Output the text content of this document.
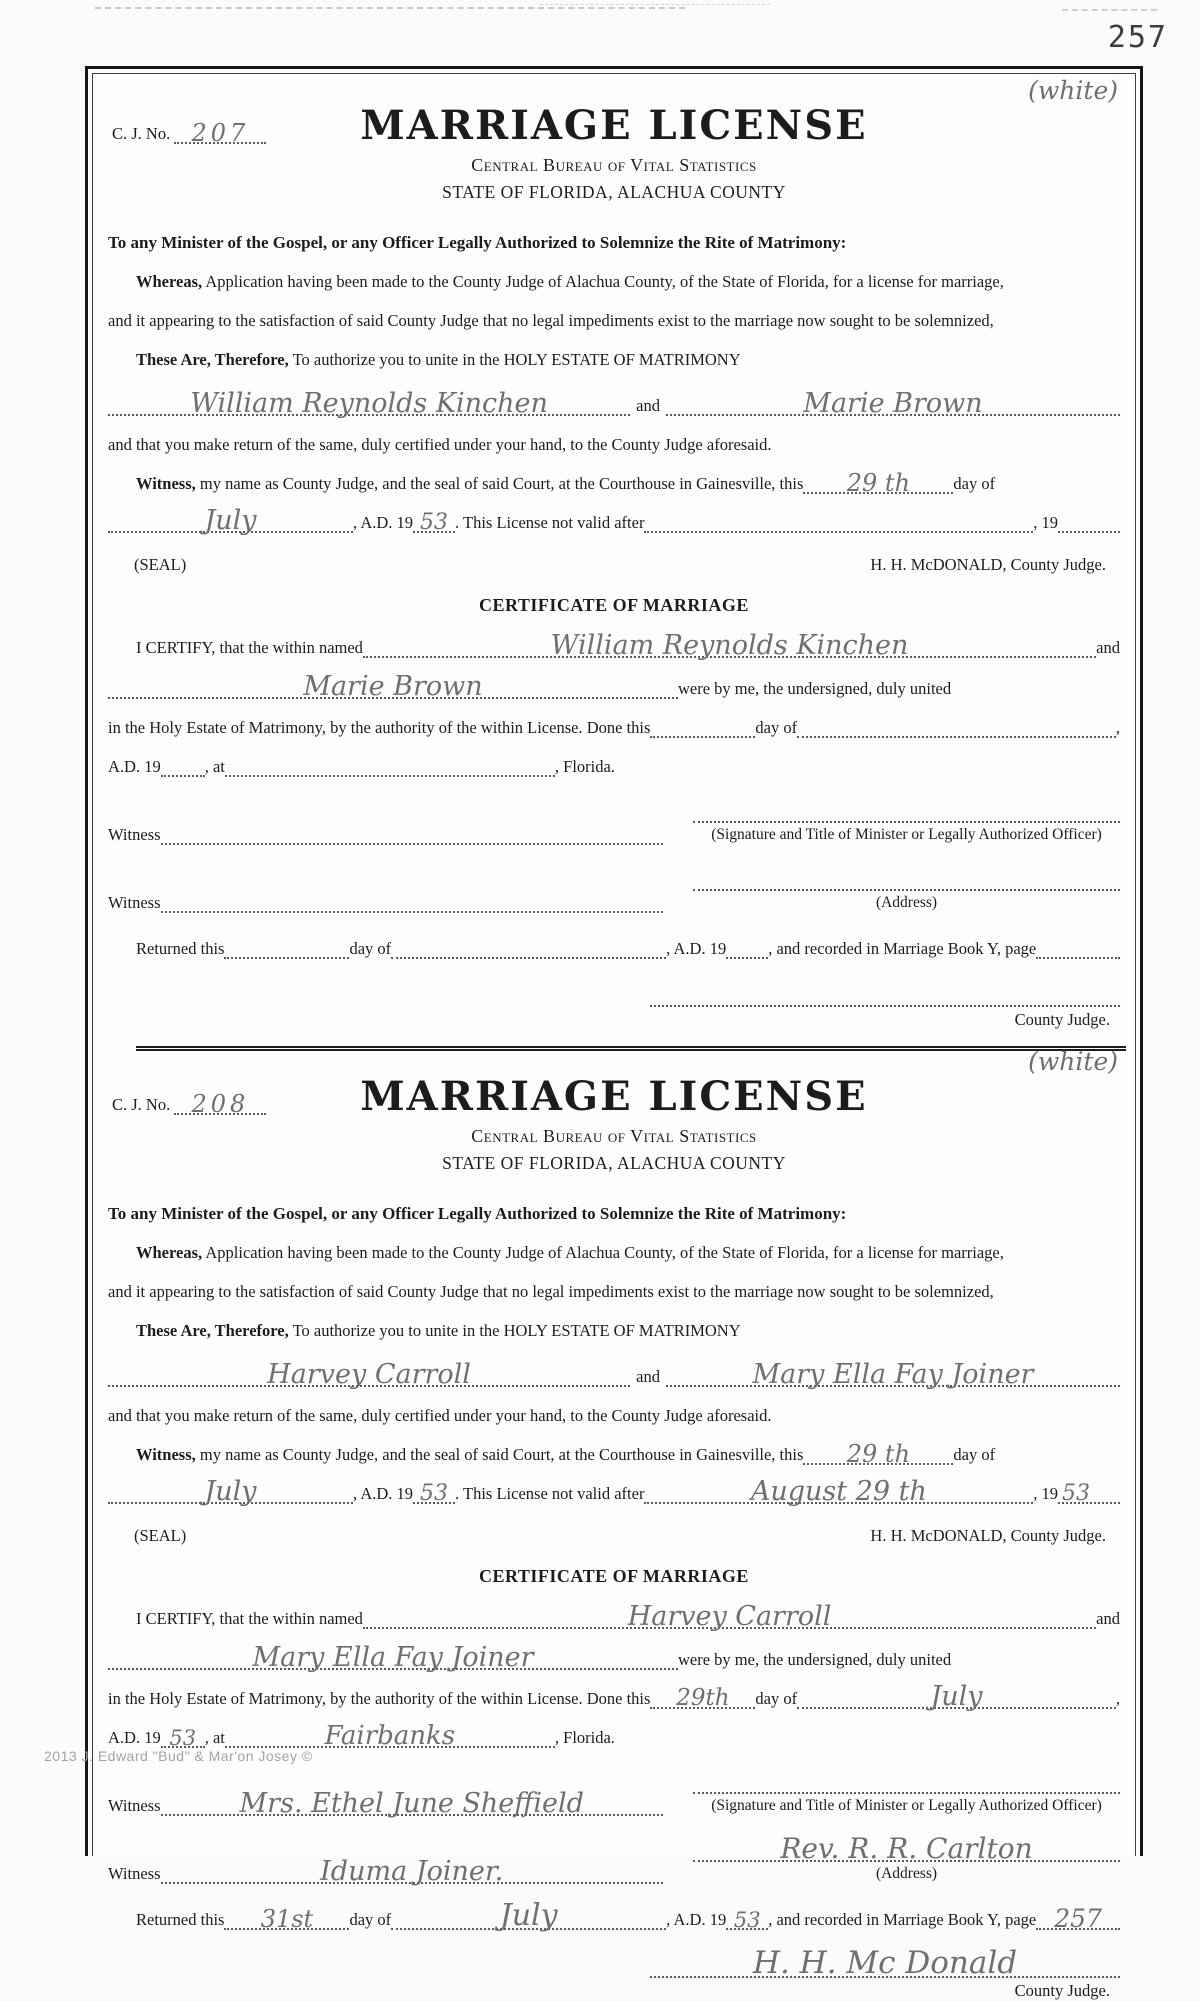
257
2013 J. Edward "Bud" & Mar'on Josey ©
(white)
C. J. No. 207	MARRIAGE LICENSE
Central Bureau of Vital Statistics
STATE OF FLORIDA, ALACHUA COUNTY
To any Minister of the Gospel, or any Officer Legally Authorized to Solemnize the Rite of Matrimony:
Whereas, Application having been made to the County Judge of Alachua County, of the State of Florida, for a license for marriage,
and it appearing to the satisfaction of said County Judge that no legal impediments exist to the marriage now sought to be solemnized,
These Are, Therefore, To authorize you to unite in the HOLY ESTATE OF MATRIMONY
William Reynolds Kinchen	and	Marie Brown
and that you make return of the same, duly certified under your hand, to the County Judge aforesaid.
Witness, my name as County Judge, and the seal of said Court, at the Courthouse in Gainesville, this 29 th	day of
July	, A.D. 19 53 . This License not valid after	, 19
(SEAL)	H. H. McDONALD, County Judge.
CERTIFICATE OF MARRIAGE
I CERTIFY, that the within named	William Reynolds Kinchen	and
Marie Brown	were by me, the undersigned, duly united
in the Holy Estate of Matrimony, by the authority of the within License. Done this	day of	,
A.D. 19	, at	, Florida.
Witness	(Signature and Title of Minister or Legally Authorized Officer)
Witness	(Address)
Returned this	day of	, A.D. 19	, and recorded in Marriage Book Y, page
County Judge.
(white)
C. J. No. 208	MARRIAGE LICENSE
Central Bureau of Vital Statistics
STATE OF FLORIDA, ALACHUA COUNTY
To any Minister of the Gospel, or any Officer Legally Authorized to Solemnize the Rite of Matrimony:
Whereas, Application having been made to the County Judge of Alachua County, of the State of Florida, for a license for marriage,
and it appearing to the satisfaction of said County Judge that no legal impediments exist to the marriage now sought to be solemnized,
These Are, Therefore, To authorize you to unite in the HOLY ESTATE OF MATRIMONY
Harvey Carroll	and	Mary Ella Fay Joiner
and that you make return of the same, duly certified under your hand, to the County Judge aforesaid.
Witness, my name as County Judge, and the seal of said Court, at the Courthouse in Gainesville, this 29 th	day of
July	, A.D. 19 53 . This License not valid after	August 29 th	, 19 53
(SEAL)	H. H. McDONALD, County Judge.
CERTIFICATE OF MARRIAGE
I CERTIFY, that the within named	Harvey Carroll	and
Mary Ella Fay Joiner	were by me, the undersigned, duly united
in the Holy Estate of Matrimony, by the authority of the within License. Done this 29th day of	July	,
A.D. 19 53 , at	Fairbanks	, Florida.
Witness	Mrs. Ethel June Sheffield	(Signature and Title of Minister or Legally Authorized Officer)
Witness	Iduma Joiner.
Rev. R. R. Carlton
(Address)
Returned this 31st day of	July	, A.D. 19 53 , and recorded in Marriage Book Y, page 257
H. H. Mc Donald
County Judge.
